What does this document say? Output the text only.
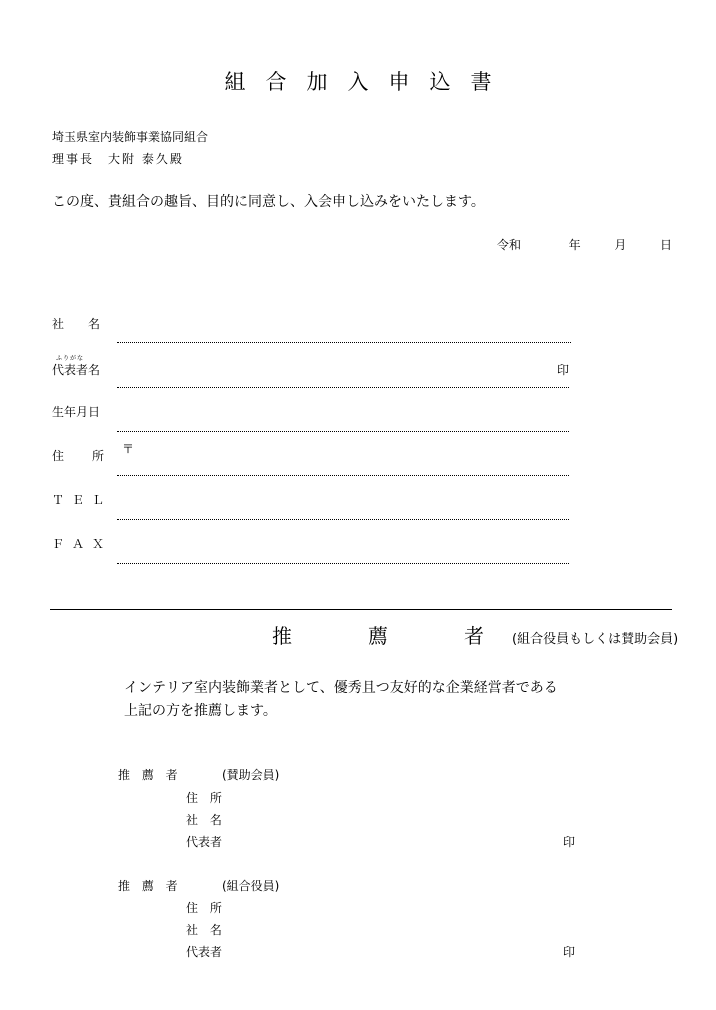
組合加入申込書
埼玉県室内装飾事業協同組合
理事長　大附 泰久殿
この度、貴組合の趣旨、目的に同意し、入会申し込みをいたします。
令和	年	月	日
社　名
ふりがな
代表者名	印
生年月日
住　所 〒
ＴＥＬ
ＦＡＸ
推　薦　者(組合役員もしくは賛助会員)
インテリア室内装飾業者として、優秀且つ友好的な企業経営者である
上記の方を推薦します。
推 薦 者	(賛助会員)
住 所
社 名
代表者	印
推 薦 者	(組合役員)
住 所
社 名
代表者	印
